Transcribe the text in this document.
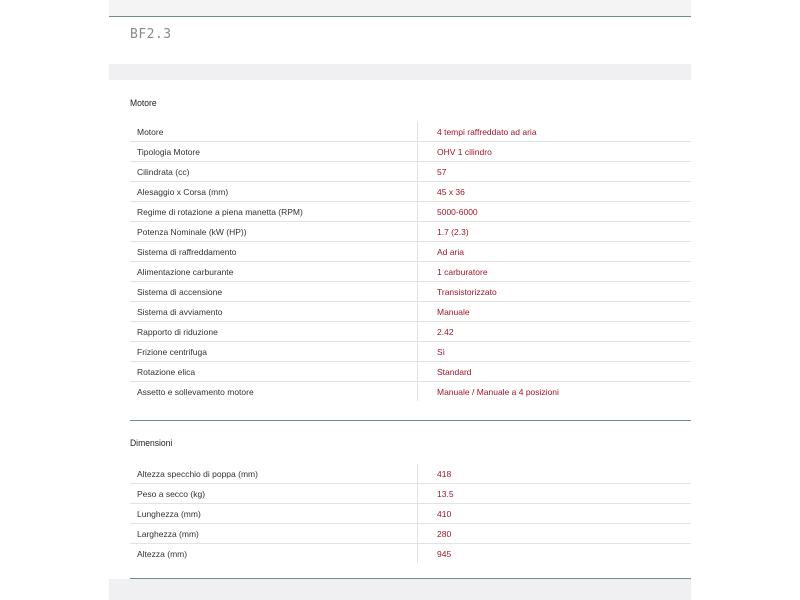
BF2.3
Motore
Motore	4 tempi raffreddato ad aria
Tipologia Motore	OHV 1 cilindro
Cilindrata (cc)	57
Alesaggio x Corsa (mm)	45 x 36
Regime di rotazione a piena manetta (RPM)	5000-6000
Potenza Nominale (kW (HP))	1.7 (2.3)
Sistema di raffreddamento	Ad aria
Alimentazione carburante	1 carburatore
Sistema di accensione	Transistorizzato
Sistema di avviamento	Manuale
Rapporto di riduzione	2.42
Frizione centrifuga	Sì
Rotazione elica	Standard
Assetto e sollevamento motore	Manuale / Manuale a 4 posizioni
Dimensioni
Altezza specchio di poppa (mm)	418
Peso a secco (kg)	13.5
Lunghezza (mm)	410
Larghezza (mm)	280
Altezza (mm)	945
